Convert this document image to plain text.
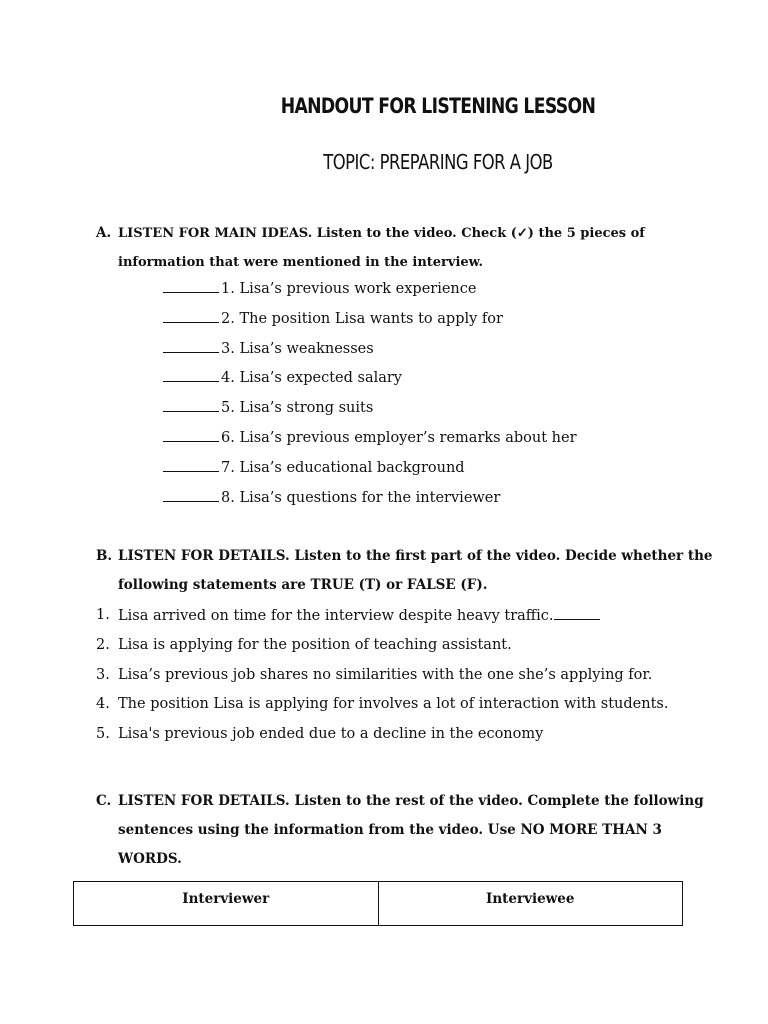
HANDOUT FOR LISTENING LESSON
TOPIC: PREPARING FOR A JOB
A. LISTEN FOR MAIN IDEAS. Listen to the video. Check (✓) the 5 pieces of information that were mentioned in the interview.
1. Lisa’s previous work experience
2. The position Lisa wants to apply for
3. Lisa’s weaknesses
4. Lisa’s expected salary
5. Lisa’s strong suits
6. Lisa’s previous employer’s remarks about her
7. Lisa’s educational background
8. Lisa’s questions for the interviewer
B. LISTEN FOR DETAILS. Listen to the first part of the video. Decide whether the following statements are TRUE (T) or FALSE (F).
1. Lisa arrived on time for the interview despite heavy traffic.
2. Lisa is applying for the position of teaching assistant.
3. Lisa’s previous job shares no similarities with the one she’s applying for.
4. The position Lisa is applying for involves a lot of interaction with students.
5. Lisa's previous job ended due to a decline in the economy
C. LISTEN FOR DETAILS. Listen to the rest of the video. Complete the following sentences using the information from the video. Use NO MORE THAN 3 WORDS.
Interviewer	Interviewee
